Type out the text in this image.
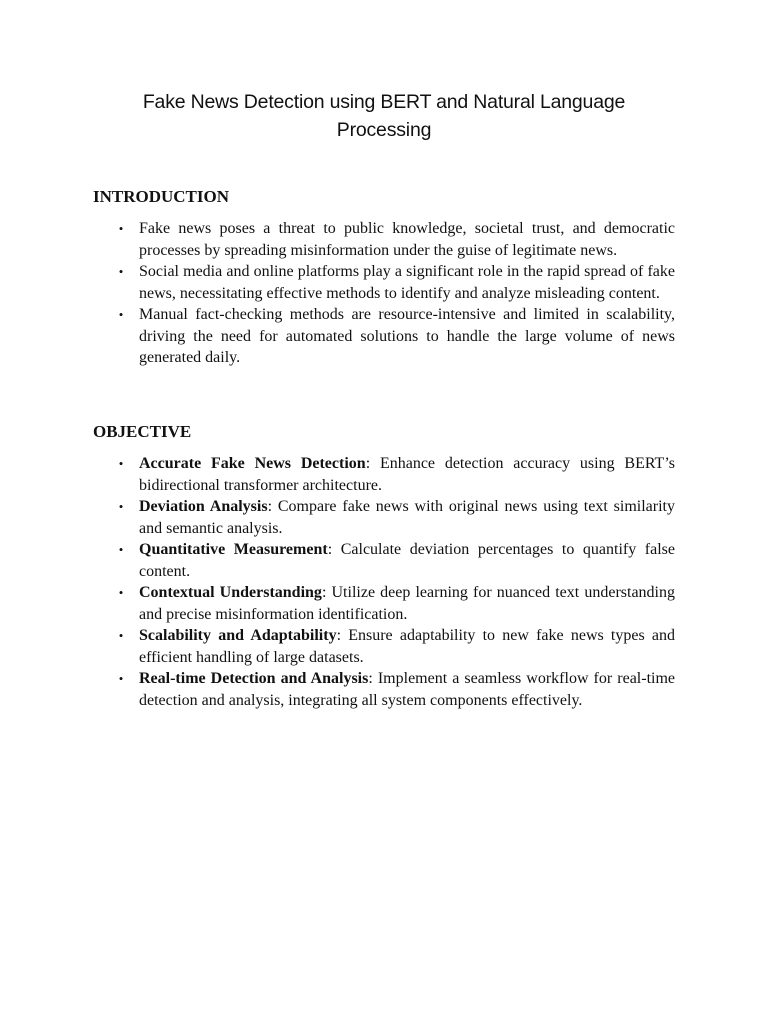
Fake News Detection using BERT and Natural Language Processing
INTRODUCTION
• Fake news poses a threat to public knowledge, societal trust, and democratic processes by spreading misinformation under the guise of legitimate news.
• Social media and online platforms play a significant role in the rapid spread of fake news, necessitating effective methods to identify and analyze misleading content.
• Manual fact-checking methods are resource-intensive and limited in scalability, driving the need for automated solutions to handle the large volume of news generated daily.
OBJECTIVE
• Accurate Fake News Detection: Enhance detection accuracy using BERT’s bidirectional transformer architecture.
• Deviation Analysis: Compare fake news with original news using text similarity and semantic analysis.
• Quantitative Measurement: Calculate deviation percentages to quantify false content.
• Contextual Understanding: Utilize deep learning for nuanced text understanding and precise misinformation identification.
• Scalability and Adaptability: Ensure adaptability to new fake news types and efficient handling of large datasets.
• Real-time Detection and Analysis: Implement a seamless workflow for real-time detection and analysis, integrating all system components effectively.
